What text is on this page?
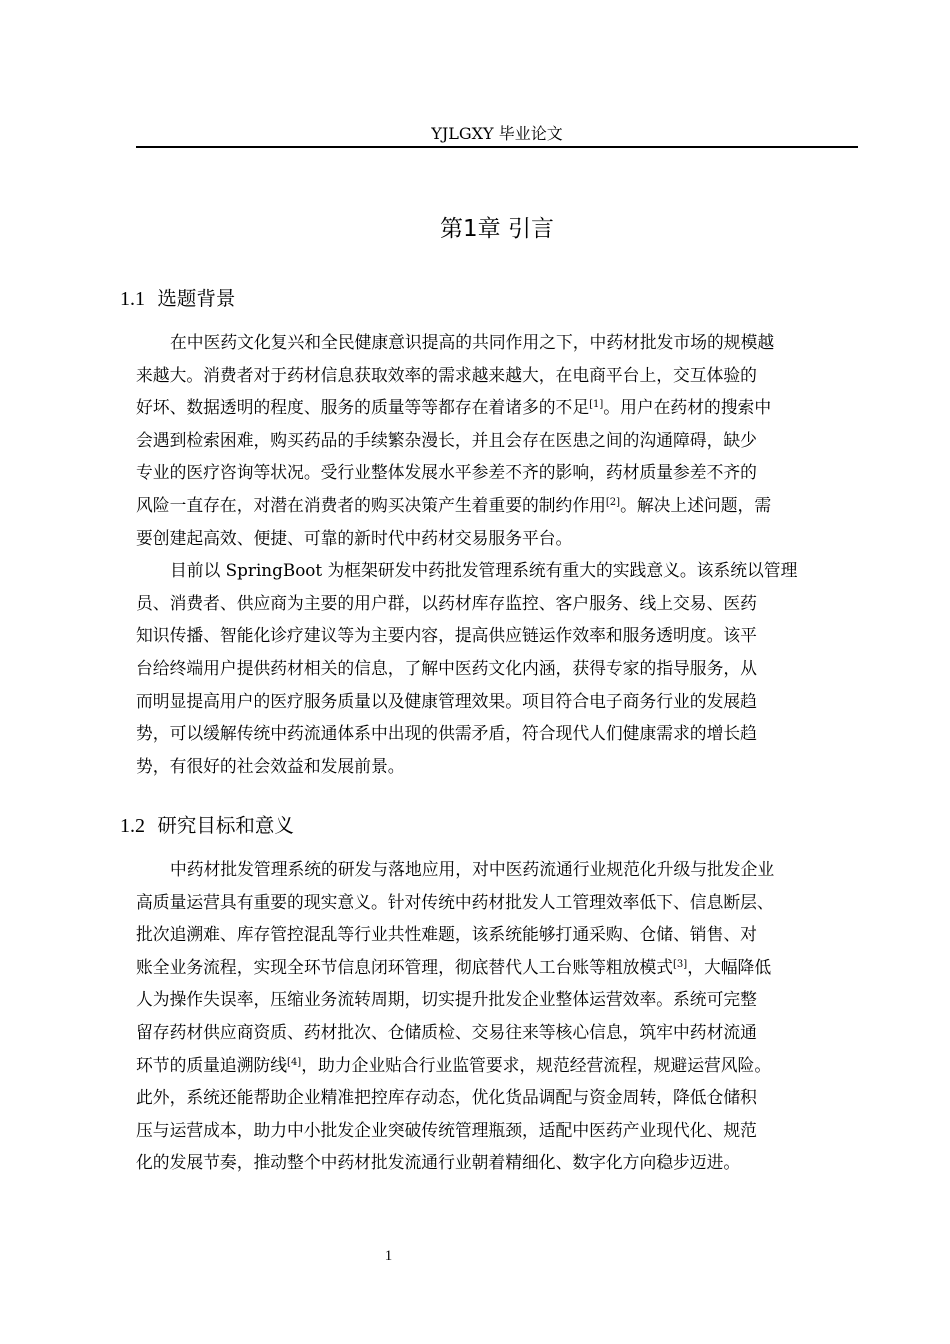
YJLGXY 毕业论文
第1章 引言
1.1 选题背景

在中医药文化复兴和全民健康意识提高的共同作用之下，中药材批发市场的规模越

来越大。消费者对于药材信息获取效率的需求越来越大，在电商平台上，交互体验的

好坏、数据透明的程度、服务的质量等等都存在着诸多的不足[1]。用户在药材的搜索中

会遇到检索困难，购买药品的手续繁杂漫长，并且会存在医患之间的沟通障碍，缺少

专业的医疗咨询等状况。受行业整体发展水平参差不齐的影响，药材质量参差不齐的

风险一直存在，对潜在消费者的购买决策产生着重要的制约作用[2]。解决上述问题，需

要创建起高效、便捷、可靠的新时代中药材交易服务平台。

目前以 SpringBoot 为框架研发中药批发管理系统有重大的实践意义。该系统以管理

员、消费者、供应商为主要的用户群，以药材库存监控、客户服务、线上交易、医药

知识传播、智能化诊疗建议等为主要内容，提高供应链运作效率和服务透明度。该平

台给终端用户提供药材相关的信息，了解中医药文化内涵，获得专家的指导服务，从

而明显提高用户的医疗服务质量以及健康管理效果。项目符合电子商务行业的发展趋

势，可以缓解传统中药流通体系中出现的供需矛盾，符合现代人们健康需求的增长趋

势，有很好的社会效益和发展前景。

1.2 研究目标和意义

中药材批发管理系统的研发与落地应用，对中医药流通行业规范化升级与批发企业

高质量运营具有重要的现实意义。针对传统中药材批发人工管理效率低下、信息断层、

批次追溯难、库存管控混乱等行业共性难题，该系统能够打通采购、仓储、销售、对

账全业务流程，实现全环节信息闭环管理，彻底替代人工台账等粗放模式[3]，大幅降低

人为操作失误率，压缩业务流转周期，切实提升批发企业整体运营效率。系统可完整

留存药材供应商资质、药材批次、仓储质检、交易往来等核心信息，筑牢中药材流通

环节的质量追溯防线[4]，助力企业贴合行业监管要求，规范经营流程，规避运营风险。

此外，系统还能帮助企业精准把控库存动态，优化货品调配与资金周转，降低仓储积

压与运营成本，助力中小批发企业突破传统管理瓶颈，适配中医药产业现代化、规范

化的发展节奏，推动整个中药材批发流通行业朝着精细化、数字化方向稳步迈进。

1
